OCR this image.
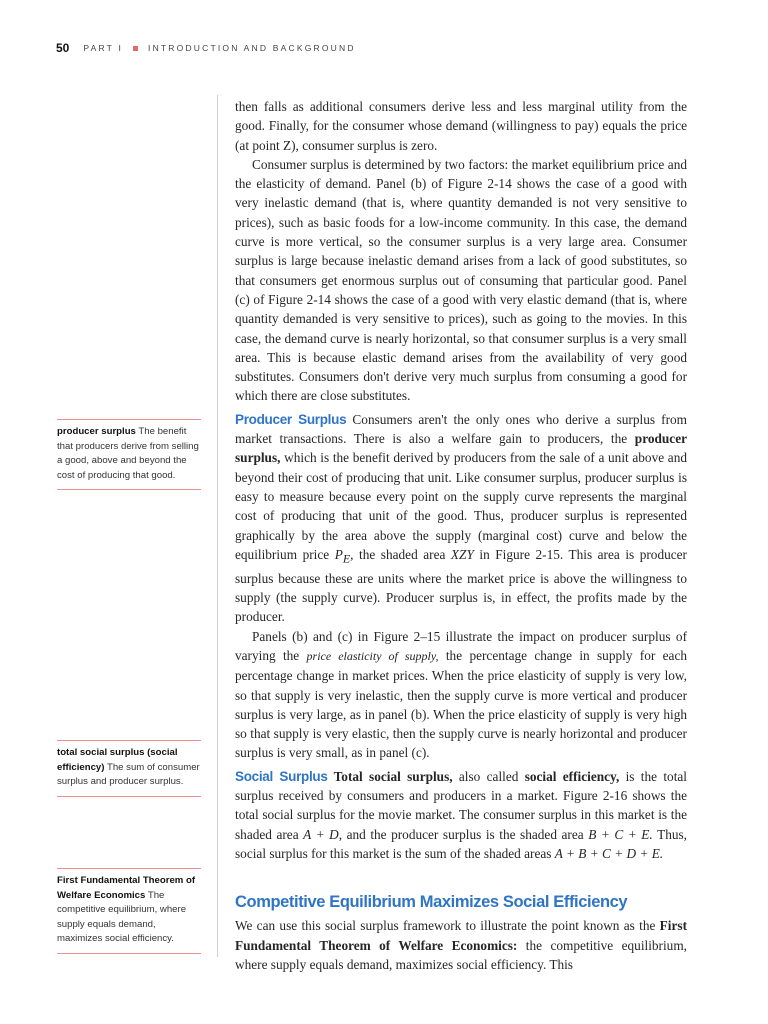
50 PART I	INTRODUCTION AND BACKGROUND
producer surplus The benefit that producers derive from selling a good, above and beyond the cost of producing that good.
total social surplus (social efficiency) The sum of consumer surplus and producer surplus.
First Fundamental Theorem of Welfare Economics The competitive equilibrium, where supply equals demand, maximizes social efficiency.

then falls as additional consumers derive less and less marginal utility from the good. Finally, for the consumer whose demand (willingness to pay) equals the price (at point Z), consumer surplus is zero.

Consumer surplus is determined by two factors: the market equilibrium price and the elasticity of demand. Panel (b) of Figure 2-14 shows the case of a good with very inelastic demand (that is, where quantity demanded is not very sensitive to prices), such as basic foods for a low-income community. In this case, the demand curve is more vertical, so the consumer surplus is a very large area. Consumer surplus is large because inelastic demand arises from a lack of good substitutes, so that consumers get enormous surplus out of consuming that particular good. Panel (c) of Figure 2-14 shows the case of a good with very elastic demand (that is, where quantity demanded is very sensitive to prices), such as going to the movies. In this case, the demand curve is nearly horizontal, so that consumer surplus is a very small area. This is because elastic demand arises from the availability of very good substitutes. Consumers don't derive very much surplus from consuming a good for which there are close substitutes.

Producer Surplus Consumers aren't the only ones who derive a surplus from market transactions. There is also a welfare gain to producers, the producer surplus, which is the benefit derived by producers from the sale of a unit above and beyond their cost of producing that unit. Like consumer surplus, producer surplus is easy to measure because every point on the supply curve represents the marginal cost of producing that unit of the good. Thus, producer surplus is represented graphically by the area above the supply (marginal cost) curve and below the equilibrium price $P_E$, the shaded area XZY in Figure 2-15. This area is producer surplus because these are units where the market price is above the willingness to supply (the supply curve). Producer surplus is, in effect, the profits made by the producer.

Panels (b) and (c) in Figure 2–15 illustrate the impact on producer surplus of varying the price elasticity of supply, the percentage change in supply for each percentage change in market prices. When the price elasticity of supply is very low, so that supply is very inelastic, then the supply curve is more vertical and producer surplus is very large, as in panel (b). When the price elasticity of supply is very high so that supply is very elastic, then the supply curve is nearly horizontal and producer surplus is very small, as in panel (c).

Social Surplus Total social surplus, also called social efficiency, is the total surplus received by consumers and producers in a market. Figure 2-16 shows the total social surplus for the movie market. The consumer surplus in this market is the shaded area A + D, and the producer surplus is the shaded area B + C + E. Thus, social surplus for this market is the sum of the shaded areas A + B + C + D + E.

Competitive Equilibrium Maximizes Social Efficiency

We can use this social surplus framework to illustrate the point known as the First Fundamental Theorem of Welfare Economics: the competitive equilibrium, where supply equals demand, maximizes social efficiency. This
